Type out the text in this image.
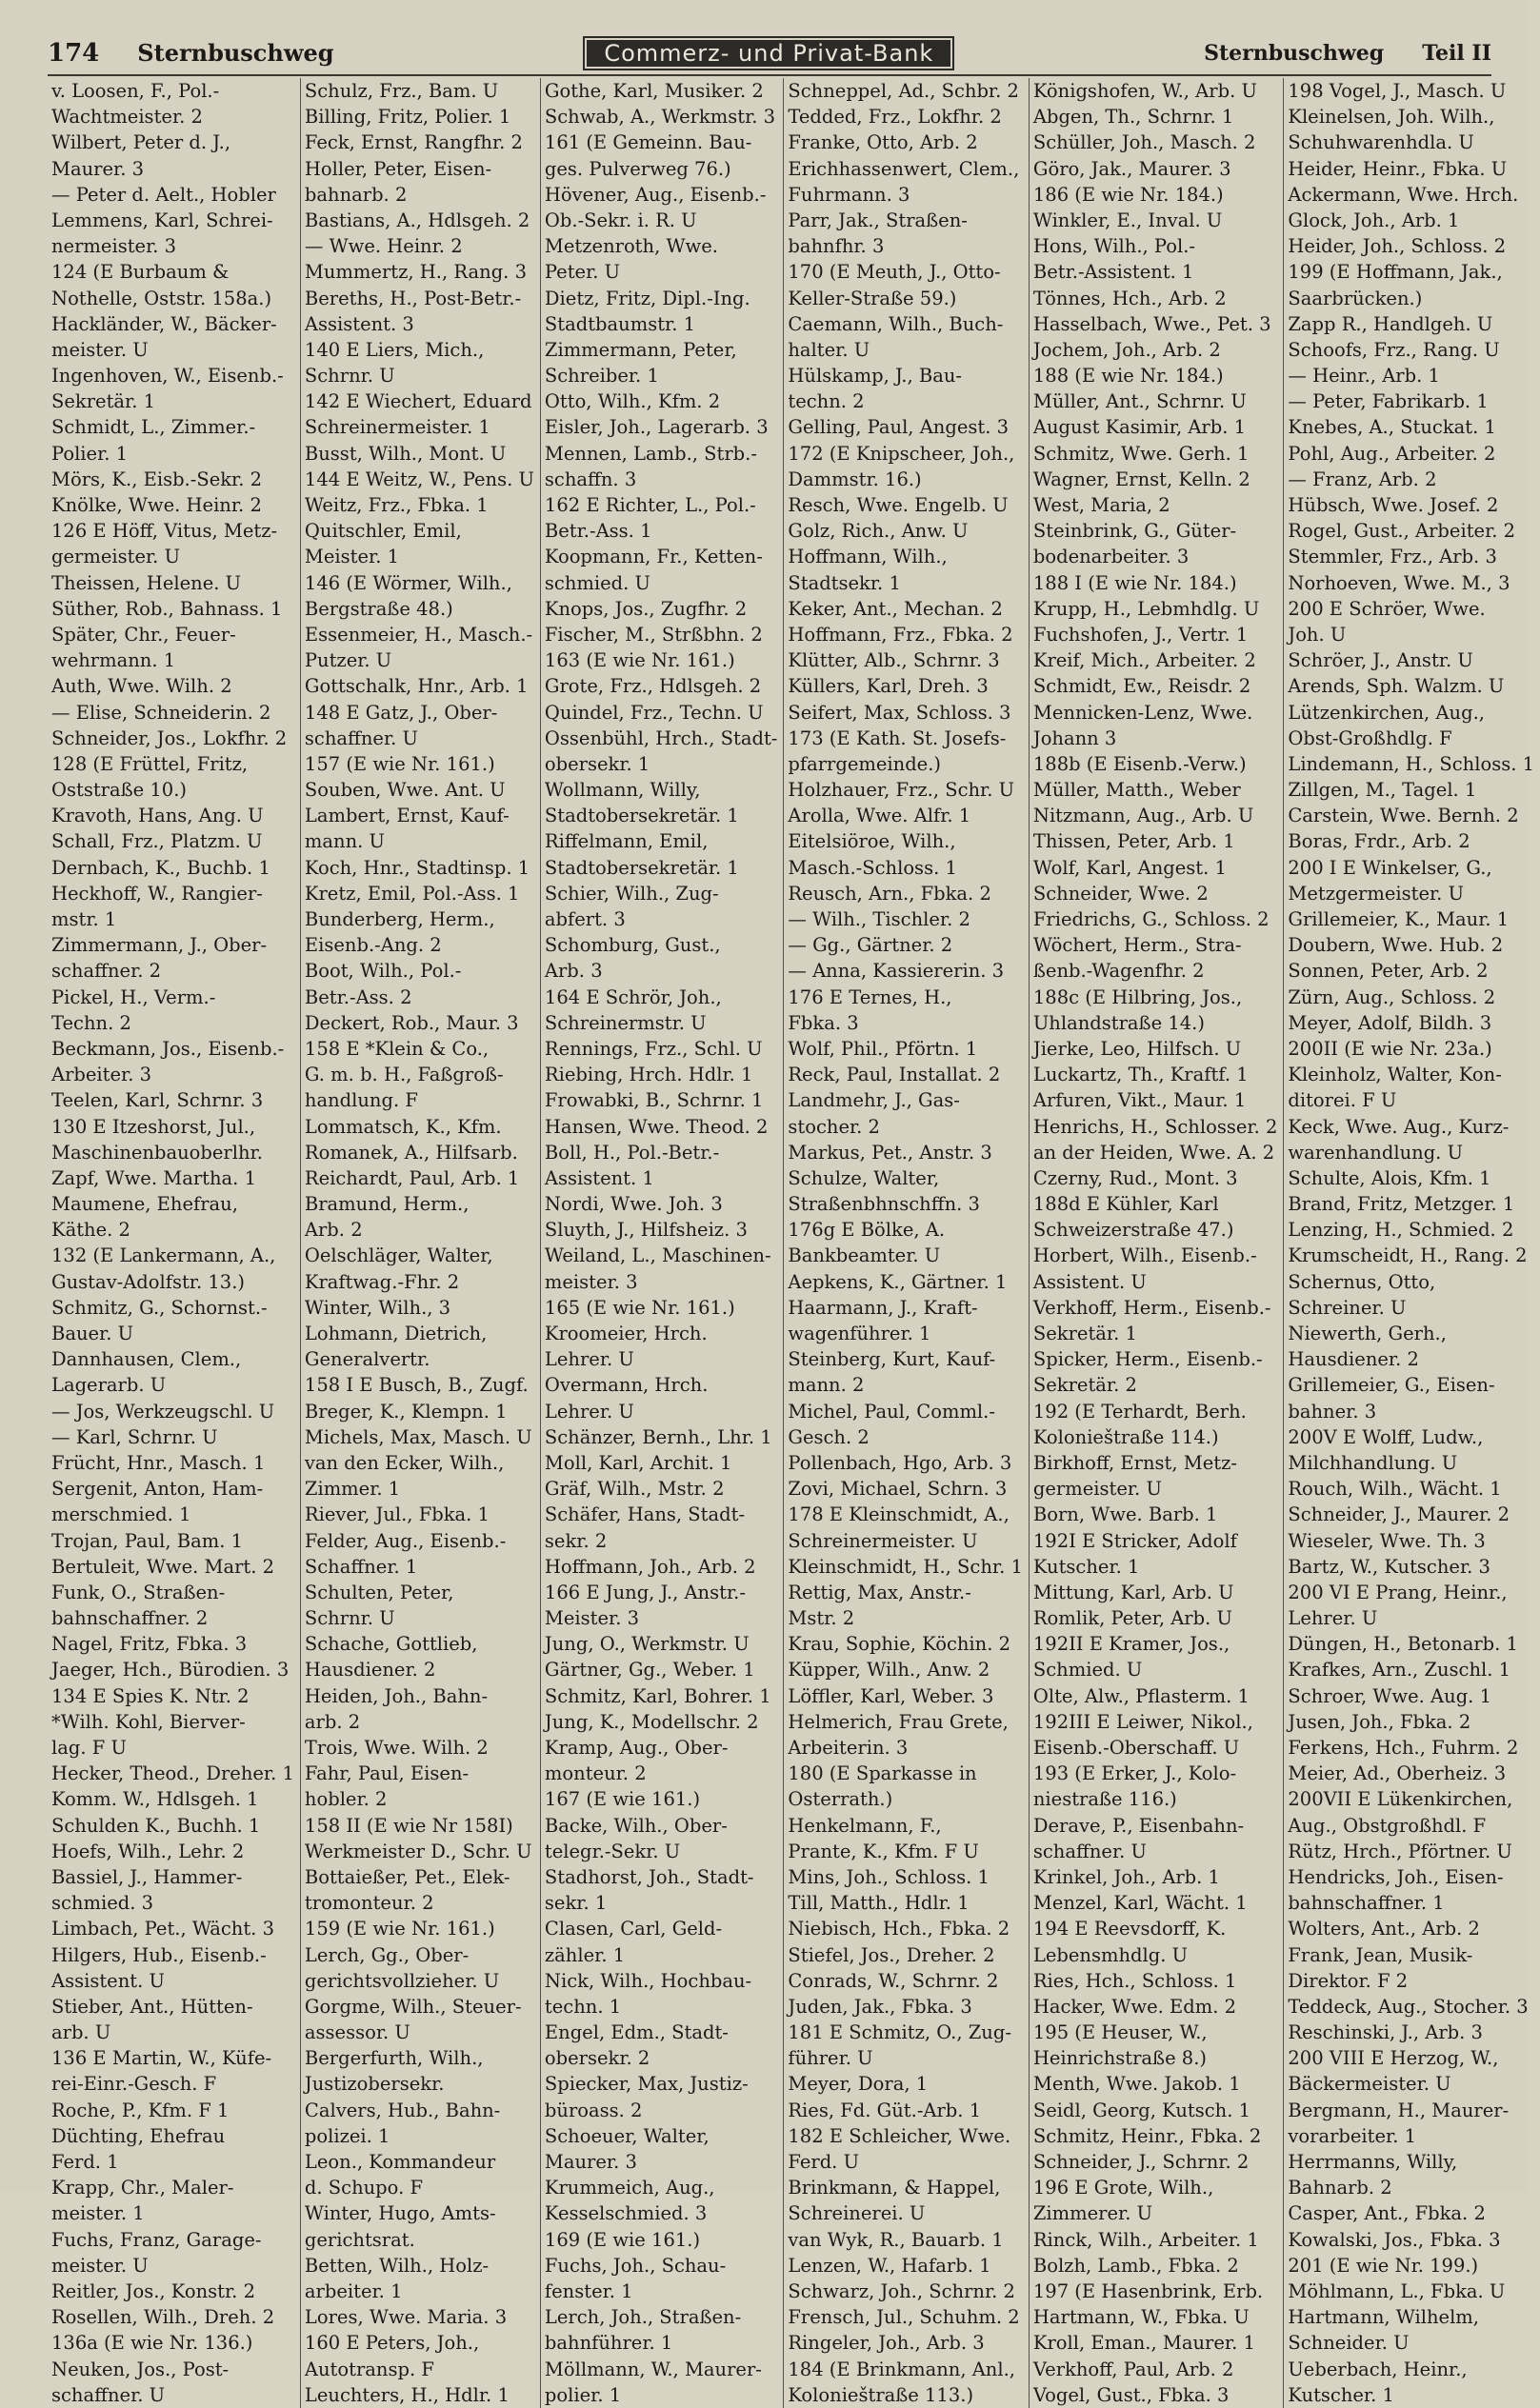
174 Sternbuschweg	Commerz- und Privat-Bank	Sternbuschweg Teil II
v. Loosen, F., Pol.-
Wachtmeister. 2
Wilbert, Peter d. J.,
Maurer. 3
— Peter d. Aelt., Hobler
Lemmens, Karl, Schrei-
nermeister. 3
124 (E Burbaum &
Nothelle, Oststr. 158a.)
Hackländer, W., Bäcker-
meister. U
Ingenhoven, W., Eisenb.-
Sekretär. 1
Schmidt, L., Zimmer.-
Polier. 1
Mörs, K., Eisb.-Sekr. 2
Knölke, Wwe. Heinr. 2
126 E Höff, Vitus, Metz-
germeister. U
Theissen, Helene. U
Süther, Rob., Bahnass. 1
Später, Chr., Feuer-
wehrmann. 1
Auth, Wwe. Wilh. 2
— Elise, Schneiderin. 2
Schneider, Jos., Lokfhr. 2
128 (E Früttel, Fritz,
Oststraße 10.)
Kravoth, Hans, Ang. U
Schall, Frz., Platzm. U
Dernbach, K., Buchb. 1
Heckhoff, W., Rangier-
mstr. 1
Zimmermann, J., Ober-
schaffner. 2
Pickel, H., Verm.-
Techn. 2
Beckmann, Jos., Eisenb.-
Arbeiter. 3
Teelen, Karl, Schrnr. 3
130 E Itzeshorst, Jul.,
Maschinenbauoberlhr.
Zapf, Wwe. Martha. 1
Maumene, Ehefrau,
Käthe. 2
132 (E Lankermann, A.,
Gustav-Adolfstr. 13.)
Schmitz, G., Schornst.-
Bauer. U
Dannhausen, Clem.,
Lagerarb. U
— Jos, Werkzeugschl. U
— Karl, Schrnr. U
Frücht, Hnr., Masch. 1
Sergenit, Anton, Ham-
merschmied. 1
Trojan, Paul, Bam. 1
Bertuleit, Wwe. Mart. 2
Funk, O., Straßen-
bahnschaffner. 2
Nagel, Fritz, Fbka. 3
Jaeger, Hch., Bürodien. 3
134 E Spies K. Ntr. 2
*Wilh. Kohl, Bierver-
lag. F U
Hecker, Theod., Dreher. 1
Komm. W., Hdlsgeh. 1
Schulden K., Buchh. 1
Hoefs, Wilh., Lehr. 2
Bassiel, J., Hammer-
schmied. 3
Limbach, Pet., Wächt. 3
Hilgers, Hub., Eisenb.-
Assistent. U
Stieber, Ant., Hütten-
arb. U
136 E Martin, W., Küfe-
rei-Einr.-Gesch. F
Roche, P., Kfm. F 1
Düchting, Ehefrau
Ferd. 1
Krapp, Chr., Maler-
meister. 1
Fuchs, Franz, Garage-
meister. U
Reitler, Jos., Konstr. 2
Rosellen, Wilh., Dreh. 2
136a (E wie Nr. 136.)
Neuken, Jos., Post-
schaffner. U
Schulz, Frz., Bam. U
Billing, Fritz, Polier. 1
Feck, Ernst, Rangfhr. 2
Holler, Peter, Eisen-
bahnarb. 2
Bastians, A., Hdlsgeh. 2
— Wwe. Heinr. 2
Mummertz, H., Rang. 3
Bereths, H., Post-Betr.-
Assistent. 3
140 E Liers, Mich.,
Schrnr. U
142 E Wiechert, Eduard
Schreinermeister. 1
Busst, Wilh., Mont. U
144 E Weitz, W., Pens. U
Weitz, Frz., Fbka. 1
Quitschler, Emil,
Meister. 1
146 (E Wörmer, Wilh.,
Bergstraße 48.)
Essenmeier, H., Masch.-
Putzer. U
Gottschalk, Hnr., Arb. 1
148 E Gatz, J., Ober-
schaffner. U
157 (E wie Nr. 161.)
Souben, Wwe. Ant. U
Lambert, Ernst, Kauf-
mann. U
Koch, Hnr., Stadtinsp. 1
Kretz, Emil, Pol.-Ass. 1
Bunderberg, Herm.,
Eisenb.-Ang. 2
Boot, Wilh., Pol.-
Betr.-Ass. 2
Deckert, Rob., Maur. 3
158 E *Klein & Co.,
G. m. b. H., Faßgroß-
handlung. F
Lommatsch, K., Kfm.
Romanek, A., Hilfsarb.
Reichardt, Paul, Arb. 1
Bramund, Herm.,
Arb. 2
Oelschläger, Walter,
Kraftwag.-Fhr. 2
Winter, Wilh., 3
Lohmann, Dietrich,
Generalvertr.
158 I E Busch, B., Zugf.
Breger, K., Klempn. 1
Michels, Max, Masch. U
van den Ecker, Wilh.,
Zimmer. 1
Riever, Jul., Fbka. 1
Felder, Aug., Eisenb.-
Schaffner. 1
Schulten, Peter,
Schrnr. U
Schache, Gottlieb,
Hausdiener. 2
Heiden, Joh., Bahn-
arb. 2
Trois, Wwe. Wilh. 2
Fahr, Paul, Eisen-
hobler. 2
158 II (E wie Nr 158I)
Werkmeister D., Schr. U
Bottaießer, Pet., Elek-
tromonteur. 2
159 (E wie Nr. 161.)
Lerch, Gg., Ober-
gerichtsvollzieher. U
Gorgme, Wilh., Steuer-
assessor. U
Bergerfurth, Wilh.,
Justizobersekr.
Calvers, Hub., Bahn-
polizei. 1
Leon., Kommandeur
d. Schupo. F
Winter, Hugo, Amts-
gerichtsrat.
Betten, Wilh., Holz-
arbeiter. 1
Lores, Wwe. Maria. 3
160 E Peters, Joh.,
Autotransp. F
Leuchters, H., Hdlr. 1
Gothe, Karl, Musiker. 2
Schwab, A., Werkmstr. 3
161 (E Gemeinn. Bau-
ges. Pulverweg 76.)
Hövener, Aug., Eisenb.-
Ob.-Sekr. i. R. U
Metzenroth, Wwe.
Peter. U
Dietz, Fritz, Dipl.-Ing.
Stadtbaumstr. 1
Zimmermann, Peter,
Schreiber. 1
Otto, Wilh., Kfm. 2
Eisler, Joh., Lagerarb. 3
Mennen, Lamb., Strb.-
schaffn. 3
162 E Richter, L., Pol.-
Betr.-Ass. 1
Koopmann, Fr., Ketten-
schmied. U
Knops, Jos., Zugfhr. 2
Fischer, M., Strßbhn. 2
163 (E wie Nr. 161.)
Grote, Frz., Hdlsgeh. 2
Quindel, Frz., Techn. U
Ossenbühl, Hrch., Stadt-
obersekr. 1
Wollmann, Willy,
Stadtobersekretär. 1
Riffelmann, Emil,
Stadtobersekretär. 1
Schier, Wilh., Zug-
abfert. 3
Schomburg, Gust.,
Arb. 3
164 E Schrör, Joh.,
Schreinermstr. U
Rennings, Frz., Schl. U
Riebing, Hrch. Hdlr. 1
Frowabki, B., Schrnr. 1
Hansen, Wwe. Theod. 2
Boll, H., Pol.-Betr.-
Assistent. 1
Nordi, Wwe. Joh. 3
Sluyth, J., Hilfsheiz. 3
Weiland, L., Maschinen-
meister. 3
165 (E wie Nr. 161.)
Kroomeier, Hrch.
Lehrer. U
Overmann, Hrch.
Lehrer. U
Schänzer, Bernh., Lhr. 1
Moll, Karl, Archit. 1
Gräf, Wilh., Mstr. 2
Schäfer, Hans, Stadt-
sekr. 2
Hoffmann, Joh., Arb. 2
166 E Jung, J., Anstr.-
Meister. 3
Jung, O., Werkmstr. U
Gärtner, Gg., Weber. 1
Schmitz, Karl, Bohrer. 1
Jung, K., Modellschr. 2
Kramp, Aug., Ober-
monteur. 2
167 (E wie 161.)
Backe, Wilh., Ober-
telegr.-Sekr. U
Stadhorst, Joh., Stadt-
sekr. 1
Clasen, Carl, Geld-
zähler. 1
Nick, Wilh., Hochbau-
techn. 1
Engel, Edm., Stadt-
obersekr. 2
Spiecker, Max, Justiz-
büroass. 2
Schoeuer, Walter,
Maurer. 3
Krummeich, Aug.,
Kesselschmied. 3
169 (E wie 161.)
Fuchs, Joh., Schau-
fenster. 1
Lerch, Joh., Straßen-
bahnführer. 1
Möllmann, W., Maurer-
polier. 1
Schneppel, Ad., Schbr. 2
Tedded, Frz., Lokfhr. 2
Franke, Otto, Arb. 2
Erichhassenwert, Clem.,
Fuhrmann. 3
Parr, Jak., Straßen-
bahnfhr. 3
170 (E Meuth, J., Otto-
Keller-Straße 59.)
Caemann, Wilh., Buch-
halter. U
Hülskamp, J., Bau-
techn. 2
Gelling, Paul, Angest. 3
172 (E Knipscheer, Joh.,
Dammstr. 16.)
Resch, Wwe. Engelb. U
Golz, Rich., Anw. U
Hoffmann, Wilh.,
Stadtsekr. 1
Keker, Ant., Mechan. 2
Hoffmann, Frz., Fbka. 2
Klütter, Alb., Schrnr. 3
Küllers, Karl, Dreh. 3
Seifert, Max, Schloss. 3
173 (E Kath. St. Josefs-
pfarrgemeinde.)
Holzhauer, Frz., Schr. U
Arolla, Wwe. Alfr. 1
Eitelsiöroe, Wilh.,
Masch.-Schloss. 1
Reusch, Arn., Fbka. 2
— Wilh., Tischler. 2
— Gg., Gärtner. 2
— Anna, Kassiererin. 3
176 E Ternes, H.,
Fbka. 3
Wolf, Phil., Pförtn. 1
Reck, Paul, Installat. 2
Landmehr, J., Gas-
stocher. 2
Markus, Pet., Anstr. 3
Schulze, Walter,
Straßenbhnschffn. 3
176g E Bölke, A.
Bankbeamter. U
Aepkens, K., Gärtner. 1
Haarmann, J., Kraft-
wagenführer. 1
Steinberg, Kurt, Kauf-
mann. 2
Michel, Paul, Comml.-
Gesch. 2
Pollenbach, Hgo, Arb. 3
Zovi, Michael, Schrn. 3
178 E Kleinschmidt, A.,
Schreinermeister. U
Kleinschmidt, H., Schr. 1
Rettig, Max, Anstr.-
Mstr. 2
Krau, Sophie, Köchin. 2
Küpper, Wilh., Anw. 2
Löffler, Karl, Weber. 3
Helmerich, Frau Grete,
Arbeiterin. 3
180 (E Sparkasse in
Osterrath.)
Henkelmann, F.,
Prante, K., Kfm. F U
Mins, Joh., Schloss. 1
Till, Matth., Hdlr. 1
Niebisch, Hch., Fbka. 2
Stiefel, Jos., Dreher. 2
Conrads, W., Schrnr. 2
Juden, Jak., Fbka. 3
181 E Schmitz, O., Zug-
führer. U
Meyer, Dora, 1
Ries, Fd. Güt.-Arb. 1
182 E Schleicher, Wwe.
Ferd. U
Brinkmann, & Happel,
Schreinerei. U
van Wyk, R., Bauarb. 1
Lenzen, W., Hafarb. 1
Schwarz, Joh., Schrnr. 2
Frensch, Jul., Schuhm. 2
Ringeler, Joh., Arb. 3
184 (E Brinkmann, Anl.,
Kolonieštraße 113.)
Königshofen, W., Arb. U
Abgen, Th., Schrnr. 1
Schüller, Joh., Masch. 2
Göro, Jak., Maurer. 3
186 (E wie Nr. 184.)
Winkler, E., Inval. U
Hons, Wilh., Pol.-
Betr.-Assistent. 1
Tönnes, Hch., Arb. 2
Hasselbach, Wwe., Pet. 3
Jochem, Joh., Arb. 2
188 (E wie Nr. 184.)
Müller, Ant., Schrnr. U
August Kasimir, Arb. 1
Schmitz, Wwe. Gerh. 1
Wagner, Ernst, Kelln. 2
West, Maria, 2
Steinbrink, G., Güter-
bodenarbeiter. 3
188 I (E wie Nr. 184.)
Krupp, H., Lebmhdlg. U
Fuchshofen, J., Vertr. 1
Kreif, Mich., Arbeiter. 2
Schmidt, Ew., Reisdr. 2
Mennicken-Lenz, Wwe.
Johann 3
188b (E Eisenb.-Verw.)
Müller, Matth., Weber
Nitzmann, Aug., Arb. U
Thissen, Peter, Arb. 1
Wolf, Karl, Angest. 1
Schneider, Wwe. 2
Friedrichs, G., Schloss. 2
Wöchert, Herm., Stra-
ßenb.-Wagenfhr. 2
188c (E Hilbring, Jos.,
Uhlandstraße 14.)
Jierke, Leo, Hilfsch. U
Luckartz, Th., Kraftf. 1
Arfuren, Vikt., Maur. 1
Henrichs, H., Schlosser. 2
an der Heiden, Wwe. A. 2
Czerny, Rud., Mont. 3
188d E Kühler, Karl
Schweizerstraße 47.)
Horbert, Wilh., Eisenb.-
Assistent. U
Verkhoff, Herm., Eisenb.-
Sekretär. 1
Spicker, Herm., Eisenb.-
Sekretär. 2
192 (E Terhardt, Berh.
Kolonieštraße 114.)
Birkhoff, Ernst, Metz-
germeister. U
Born, Wwe. Barb. 1
192I E Stricker, Adolf
Kutscher. 1
Mittung, Karl, Arb. U
Romlik, Peter, Arb. U
192II E Kramer, Jos.,
Schmied. U
Olte, Alw., Pflasterm. 1
192III E Leiwer, Nikol.,
Eisenb.-Oberschaff. U
193 (E Erker, J., Kolo-
niestraße 116.)
Derave, P., Eisenbahn-
schaffner. U
Krinkel, Joh., Arb. 1
Menzel, Karl, Wächt. 1
194 E Reevsdorff, K.
Lebensmhdlg. U
Ries, Hch., Schloss. 1
Hacker, Wwe. Edm. 2
195 (E Heuser, W.,
Heinrichstraße 8.)
Menth, Wwe. Jakob. 1
Seidl, Georg, Kutsch. 1
Schmitz, Heinr., Fbka. 2
Schneider, J., Schrnr. 2
196 E Grote, Wilh.,
Zimmerer. U
Rinck, Wilh., Arbeiter. 1
Bolzh, Lamb., Fbka. 2
197 (E Hasenbrink, Erb.
Hartmann, W., Fbka. U
Kroll, Eman., Maurer. 1
Verkhoff, Paul, Arb. 2
Vogel, Gust., Fbka. 3
198 Vogel, J., Masch. U
Kleinelsen, Joh. Wilh.,
Schuhwarenhdla. U
Heider, Heinr., Fbka. U
Ackermann, Wwe. Hrch.
Glock, Joh., Arb. 1
Heider, Joh., Schloss. 2
199 (E Hoffmann, Jak.,
Saarbrücken.)
Zapp R., Handlgeh. U
Schoofs, Frz., Rang. U
— Heinr., Arb. 1
— Peter, Fabrikarb. 1
Knebes, A., Stuckat. 1
Pohl, Aug., Arbeiter. 2
— Franz, Arb. 2
Hübsch, Wwe. Josef. 2
Rogel, Gust., Arbeiter. 2
Stemmler, Frz., Arb. 3
Norhoeven, Wwe. M., 3
200 E Schröer, Wwe.
Joh. U
Schröer, J., Anstr. U
Arends, Sph. Walzm. U
Lützenkirchen, Aug.,
Obst-Großhdlg. F
Lindemann, H., Schloss. 1
Zillgen, M., Tagel. 1
Carstein, Wwe. Bernh. 2
Boras, Frdr., Arb. 2
200 I E Winkelser, G.,
Metzgermeister. U
Grillemeier, K., Maur. 1
Doubern, Wwe. Hub. 2
Sonnen, Peter, Arb. 2
Zürn, Aug., Schloss. 2
Meyer, Adolf, Bildh. 3
200II (E wie Nr. 23a.)
Kleinholz, Walter, Kon-
ditorei. F U
Keck, Wwe. Aug., Kurz-
warenhandlung. U
Schulte, Alois, Kfm. 1
Brand, Fritz, Metzger. 1
Lenzing, H., Schmied. 2
Krumscheidt, H., Rang. 2
Schernus, Otto,
Schreiner. U
Niewerth, Gerh.,
Hausdiener. 2
Grillemeier, G., Eisen-
bahner. 3
200V E Wolff, Ludw.,
Milchhandlung. U
Rouch, Wilh., Wächt. 1
Schneider, J., Maurer. 2
Wieseler, Wwe. Th. 3
Bartz, W., Kutscher. 3
200 VI E Prang, Heinr.,
Lehrer. U
Düngen, H., Betonarb. 1
Krafkes, Arn., Zuschl. 1
Schroer, Wwe. Aug. 1
Jusen, Joh., Fbka. 2
Ferkens, Hch., Fuhrm. 2
Meier, Ad., Oberheiz. 3
200VII E Lükenkirchen,
Aug., Obstgroßhdl. F
Rütz, Hrch., Pförtner. U
Hendricks, Joh., Eisen-
bahnschaffner. 1
Wolters, Ant., Arb. 2
Frank, Jean, Musik-
Direktor. F 2
Teddeck, Aug., Stocher. 3
Reschinski, J., Arb. 3
200 VIII E Herzog, W.,
Bäckermeister. U
Bergmann, H., Maurer-
vorarbeiter. 1
Herrmanns, Willy,
Bahnarb. 2
Casper, Ant., Fbka. 2
Kowalski, Jos., Fbka. 3
201 (E wie Nr. 199.)
Möhlmann, L., Fbka. U
Hartmann, Wilhelm,
Schneider. U
Ueberbach, Heinr.,
Kutscher. 1
